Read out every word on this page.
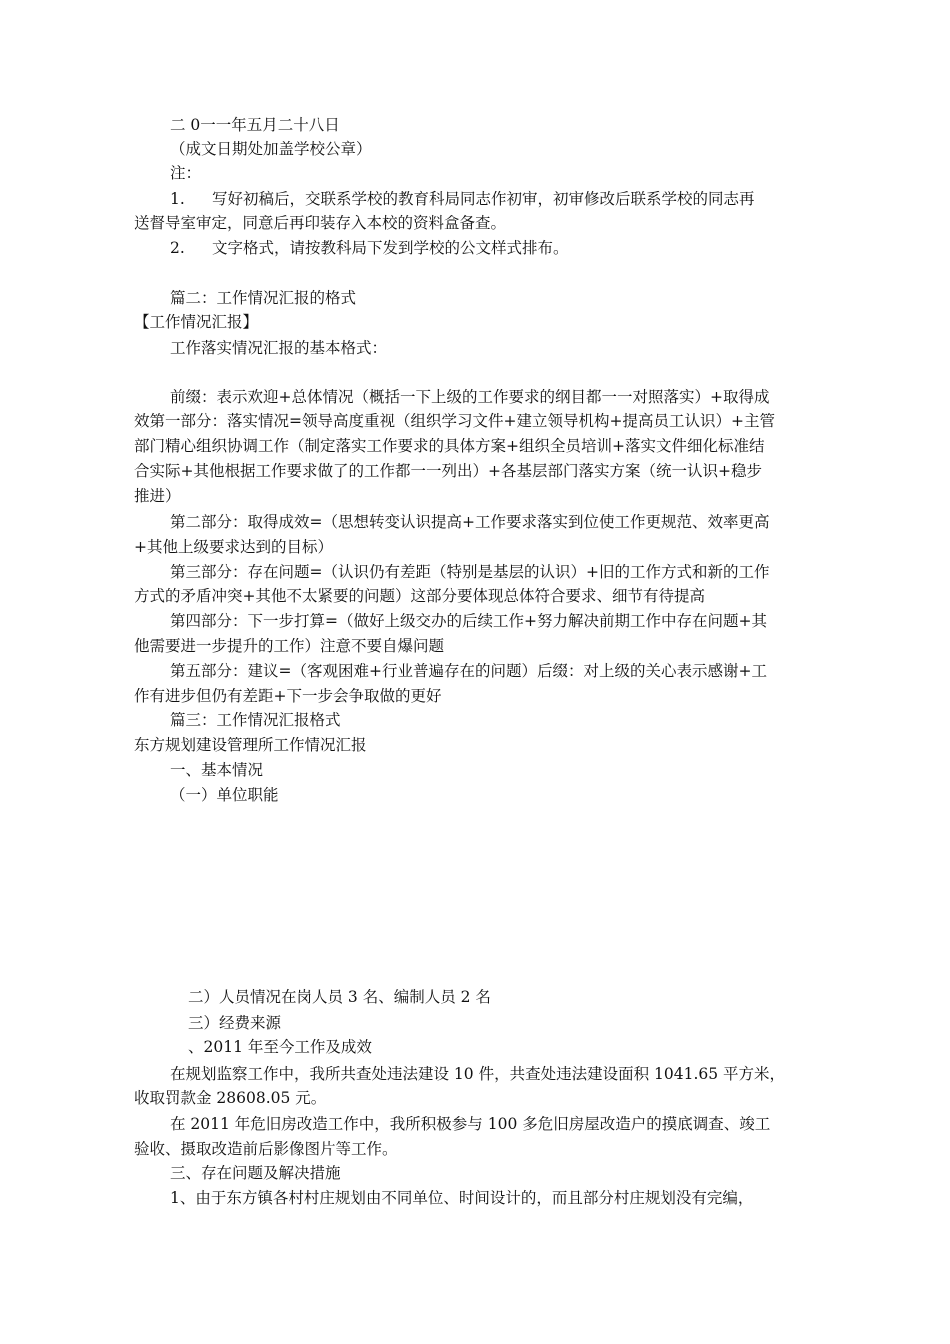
二 0一一年五月二十八日
（成文日期处加盖学校公章）
注：
1. 写好初稿后，交联系学校的教育科局同志作初审，初审修改后联系学校的同志再
送督导室审定，同意后再印装存入本校的资料盒备查。
2. 文字格式，请按教科局下发到学校的公文样式排布。
篇二：工作情况汇报的格式
【工作情况汇报】
工作落实情况汇报的基本格式：
前缀：表示欢迎+总体情况（概括一下上级的工作要求的纲目都一一对照落实）+取得成
效第一部分：落实情况=领导高度重视（组织学习文件+建立领导机构+提高员工认识）+主管
部门精心组织协调工作（制定落实工作要求的具体方案+组织全员培训+落实文件细化标准结
合实际+其他根据工作要求做了的工作都一一列出）+各基层部门落实方案（统一认识+稳步
推进）
第二部分：取得成效=（思想转变认识提高+工作要求落实到位使工作更规范、效率更高
+其他上级要求达到的目标）
第三部分：存在问题=（认识仍有差距（特别是基层的认识）+旧的工作方式和新的工作
方式的矛盾冲突+其他不太紧要的问题）这部分要体现总体符合要求、细节有待提高
第四部分：下一步打算=（做好上级交办的后续工作+努力解决前期工作中存在问题+其
他需要进一步提升的工作）注意不要自爆问题
第五部分：建议=（客观困难+行业普遍存在的问题）后缀：对上级的关心表示感谢+工
作有进步但仍有差距+下一步会争取做的更好
篇三：工作情况汇报格式
东方规划建设管理所工作情况汇报
一、基本情况
（一）单位职能
二）人员情况在岗人员 3 名、编制人员 2 名
三）经费来源
、2011 年至今工作及成效
在规划监察工作中，我所共查处违法建设 10 件，共查处违法建设面积 1041.65 平方米，
收取罚款金 28608.05 元。
在 2011 年危旧房改造工作中，我所积极参与 100 多危旧房屋改造户的摸底调查、竣工
验收、摄取改造前后影像图片等工作。
三、存在问题及解决措施
1、由于东方镇各村村庄规划由不同单位、时间设计的，而且部分村庄规划没有完编，
